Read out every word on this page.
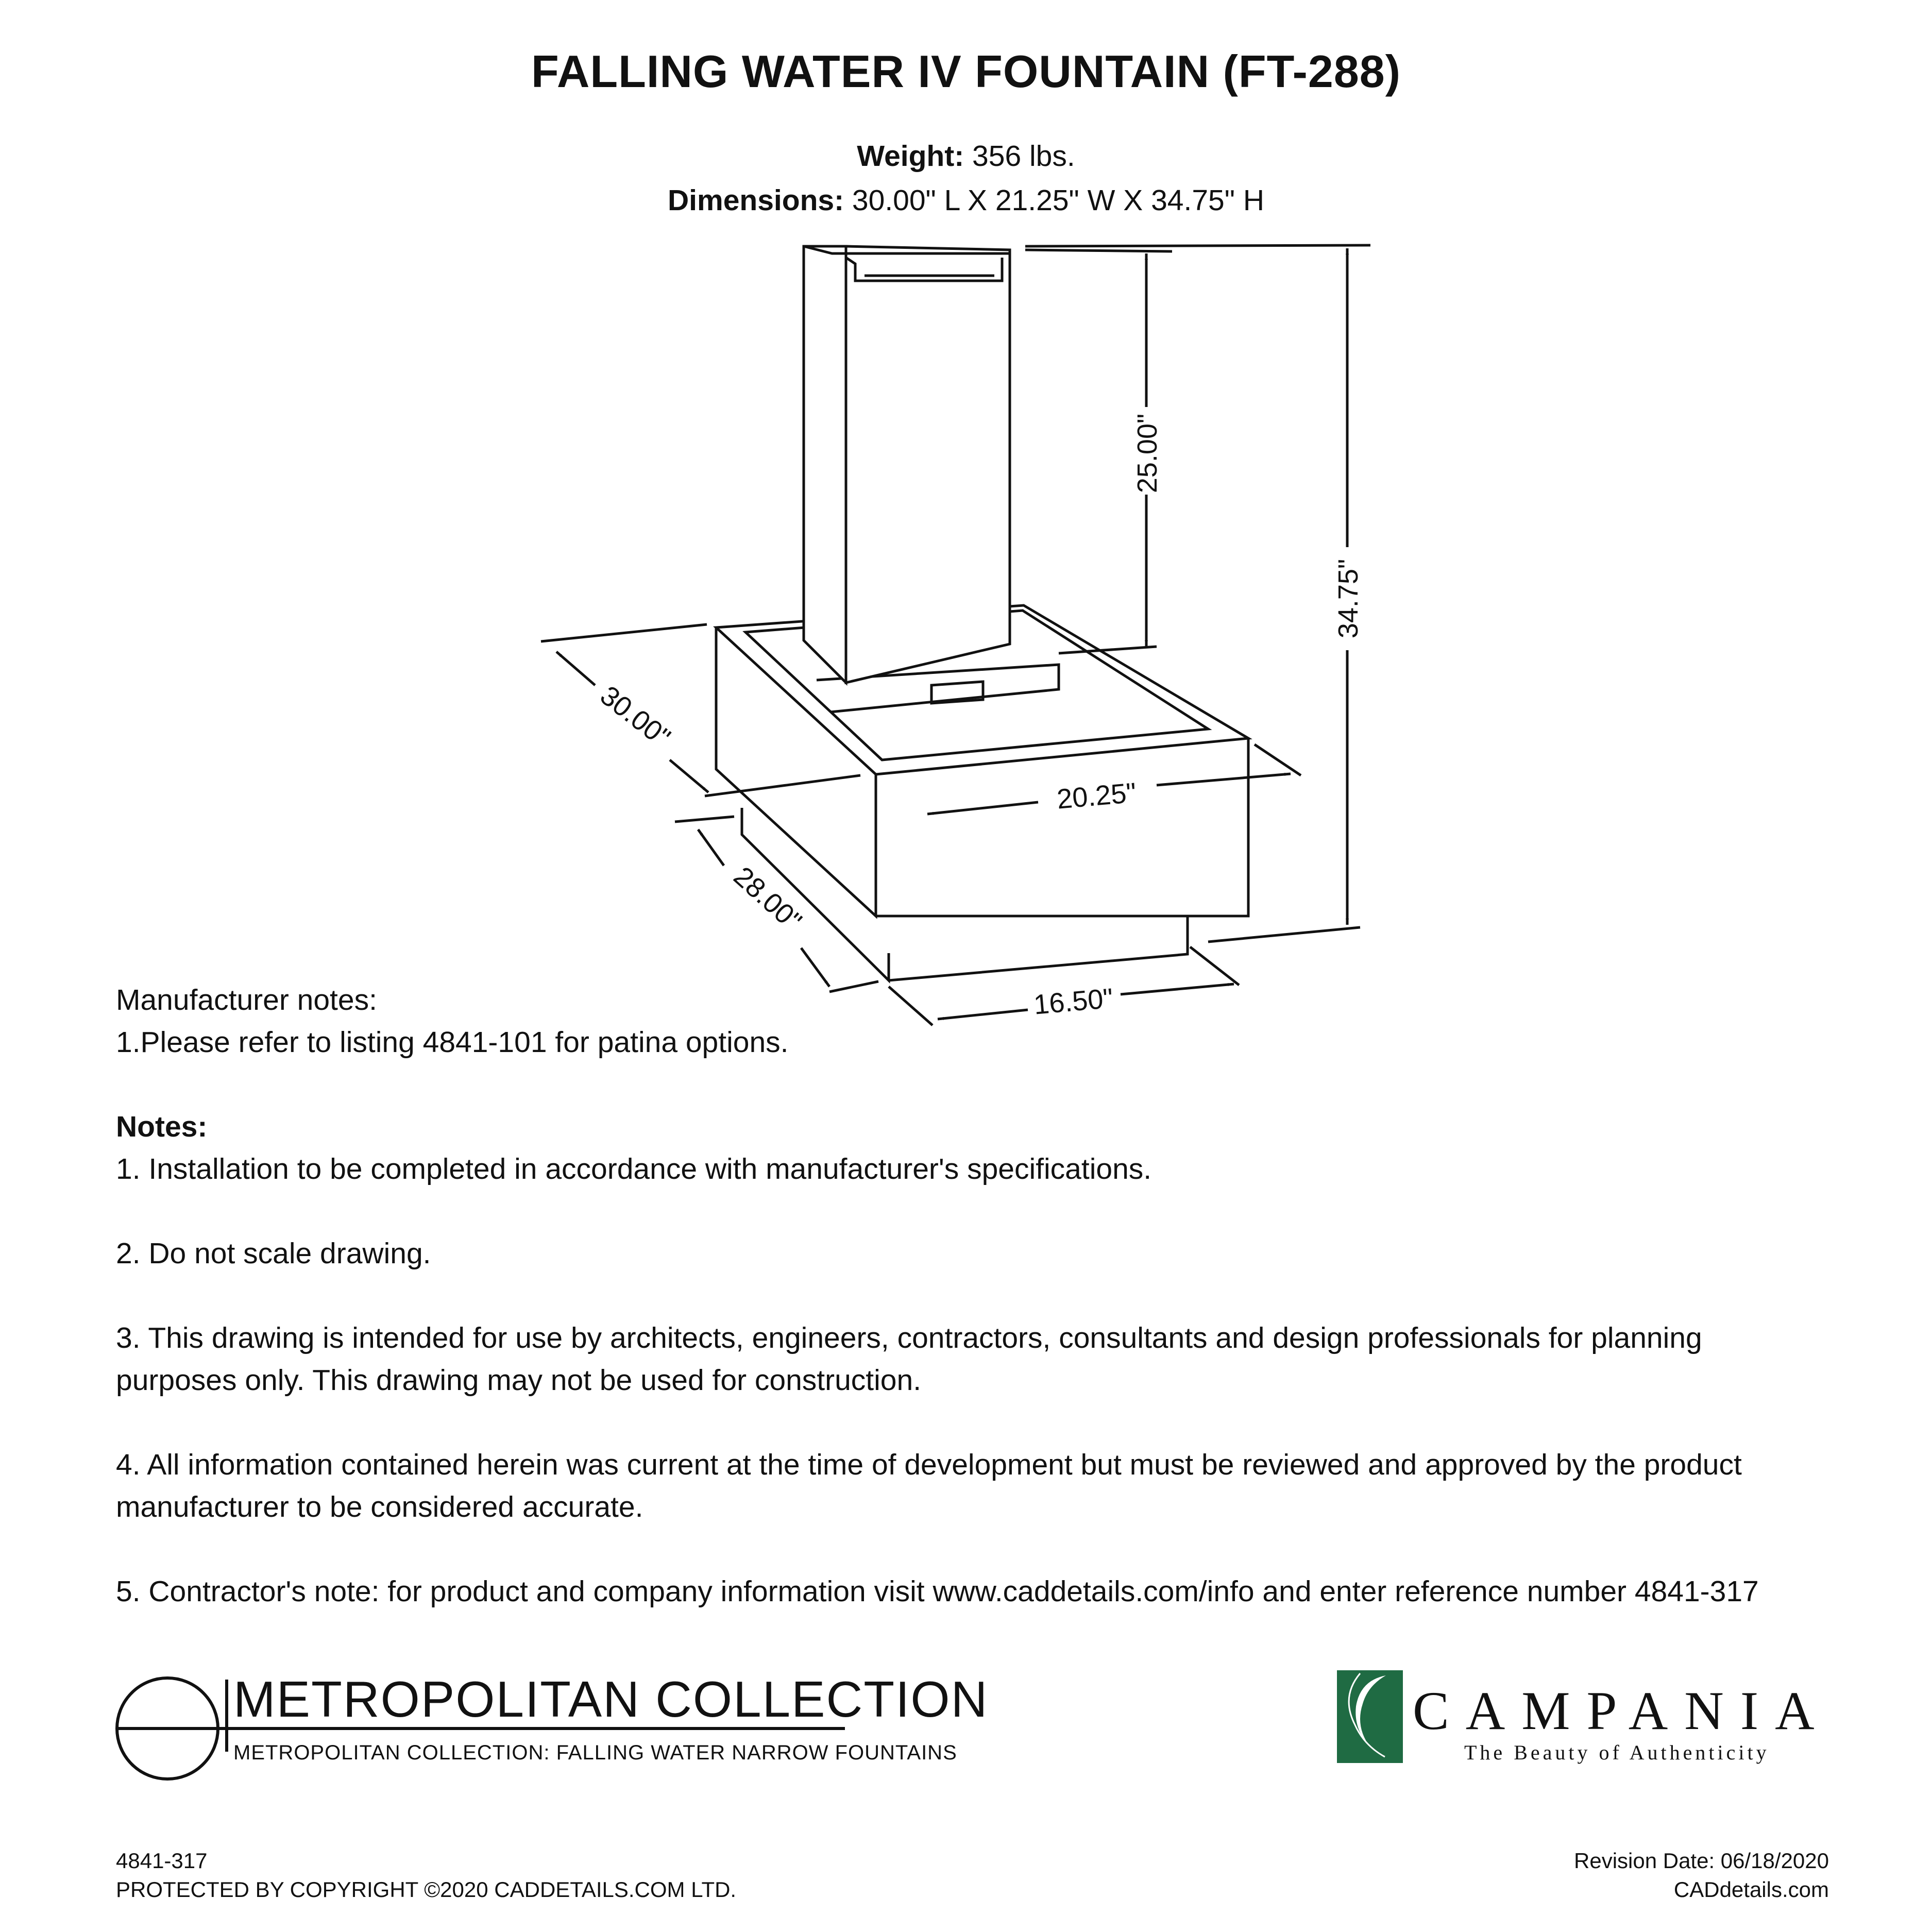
FALLING WATER IV FOUNTAIN (FT-288)
Weight: 356 lbs.
Dimensions: 30.00" L X 21.25" W X 34.75" H
25.00"
34.75"
30.00"
20.25"
28.00"
16.50"

Manufacturer notes:

1.Please refer to listing 4841-101 for patina options.

Notes:

1. Installation to be completed in accordance with manufacturer's specifications.

2. Do not scale drawing.

3. This drawing is intended for use by architects, engineers, contractors, consultants and design professionals for planning purposes only. This drawing may not be used for construction.

4. All information contained herein was current at the time of development but must be reviewed and approved by the product manufacturer to be considered accurate.

5. Contractor's note: for product and company information visit www.caddetails.com/info and enter reference number 4841-317

METROPOLITAN COLLECTION
METROPOLITAN COLLECTION: FALLING WATER NARROW FOUNTAINS
CAMPANIA
The Beauty of Authenticity
4841-317
PROTECTED BY COPYRIGHT ©2020 CADDETAILS.COM LTD.
Revision Date: 06/18/2020
CADdetails.com
